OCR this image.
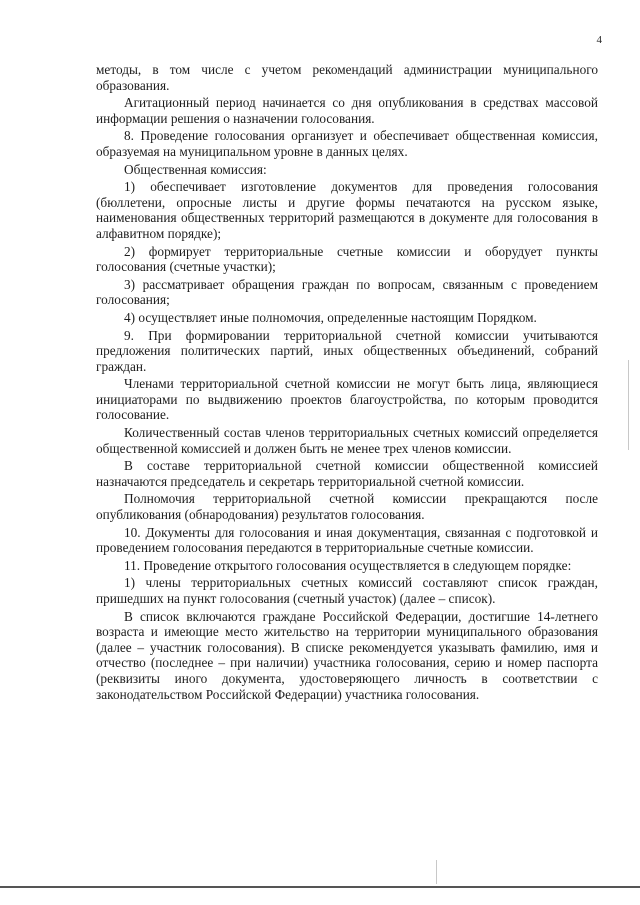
4

методы, в том числе с учетом рекомендаций администрации муниципального образования.

Агитационный период начинается со дня опубликования в средствах массовой информации решения о назначении голосования.

8. Проведение голосования организует и обеспечивает общественная комиссия, образуемая на муниципальном уровне в данных целях.

Общественная комиссия:

1) обеспечивает изготовление документов для проведения голосования (бюллетени, опросные листы и другие формы печатаются на русском языке, наименования общественных территорий размещаются в документе для голосования в алфавитном порядке);

2) формирует территориальные счетные комиссии и оборудует пункты голосования (счетные участки);

3) рассматривает обращения граждан по вопросам, связанным с проведением голосования;

4) осуществляет иные полномочия, определенные настоящим Порядком.

9. При формировании территориальной счетной комиссии учитываются предложения политических партий, иных общественных объединений, собраний граждан.

Членами территориальной счетной комиссии не могут быть лица, являющиеся инициаторами по выдвижению проектов благоустройства, по которым проводится голосование.

Количественный состав членов территориальных счетных комиссий определяется общественной комиссией и должен быть не менее трех членов комиссии.

В составе территориальной счетной комиссии общественной комиссией назначаются председатель и секретарь территориальной счетной комиссии.

Полномочия территориальной счетной комиссии прекращаются после опубликования (обнародования) результатов голосования.

10. Документы для голосования и иная документация, связанная с подготовкой и проведением голосования передаются в территориальные счетные комиссии.

11. Проведение открытого голосования осуществляется в следующем порядке:

1) члены территориальных счетных комиссий составляют список граждан, пришедших на пункт голосования (счетный участок) (далее – список).

В список включаются граждане Российской Федерации, достигшие 14-летнего возраста и имеющие место жительство на территории муниципального образования (далее – участник голосования). В списке рекомендуется указывать фамилию, имя и отчество (последнее – при наличии) участника голосования, серию и номер паспорта (реквизиты иного документа, удостоверяющего личность в соответствии с законодательством Российской Федерации) участника голосования.
